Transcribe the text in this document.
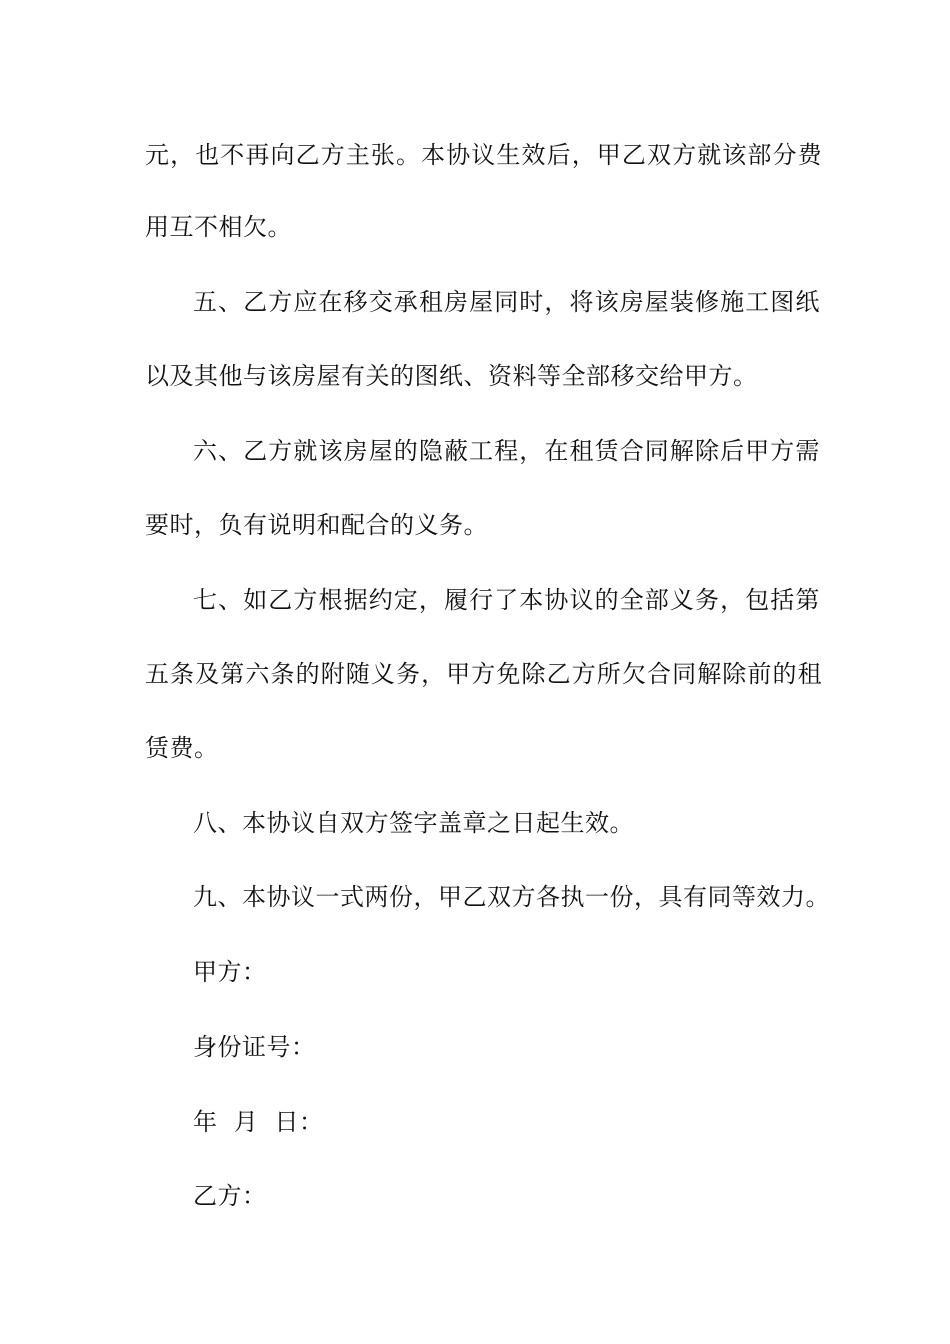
元，也不再向乙方主张。本协议生效后，甲乙双方就该部分费
用互不相欠。
五、乙方应在移交承租房屋同时，将该房屋装修施工图纸
以及其他与该房屋有关的图纸、资料等全部移交给甲方。
六、乙方就该房屋的隐蔽工程，在租赁合同解除后甲方需
要时，负有说明和配合的义务。
七、如乙方根据约定，履行了本协议的全部义务，包括第
五条及第六条的附随义务，甲方免除乙方所欠合同解除前的租
赁费。
八、本协议自双方签字盖章之日起生效。
九、本协议一式两份，甲乙双方各执一份，具有同等效力。
甲方：
身份证号：
年  月  日：
乙方：
